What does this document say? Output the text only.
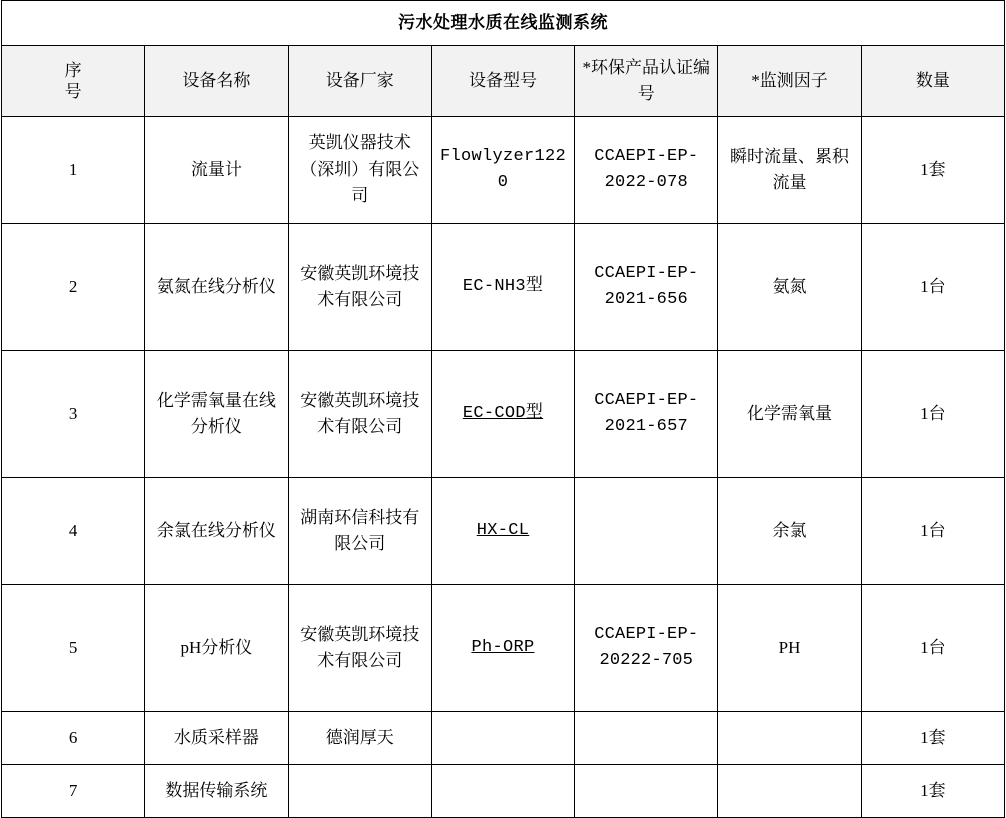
污水处理水质在线监测系统						

序
号	设备名称	设备厂家	设备型号	*环保产品认证编号	*监测因子	数量
1	流量计	英凯仪器技术（深圳）有限公司	Flowlyzer1220	CCAEPI-EP-2022-078	瞬时流量、累积流量	1套
2	氨氮在线分析仪	安徽英凯环境技术有限公司	EC-NH3型	CCAEPI-EP-2021-656	氨氮	1台
3	化学需氧量在线分析仪	安徽英凯环境技术有限公司	EC-COD型	CCAEPI-EP-2021-657	化学需氧量	1台
4	余氯在线分析仪	湖南环信科技有限公司	HX-CL		余氯	1台
5	pH分析仪	安徽英凯环境技术有限公司	Ph-ORP	CCAEPI-EP-20222-705	PH	1台
6	水质采样器	德润厚天				1套
7	数据传输系统					1套
